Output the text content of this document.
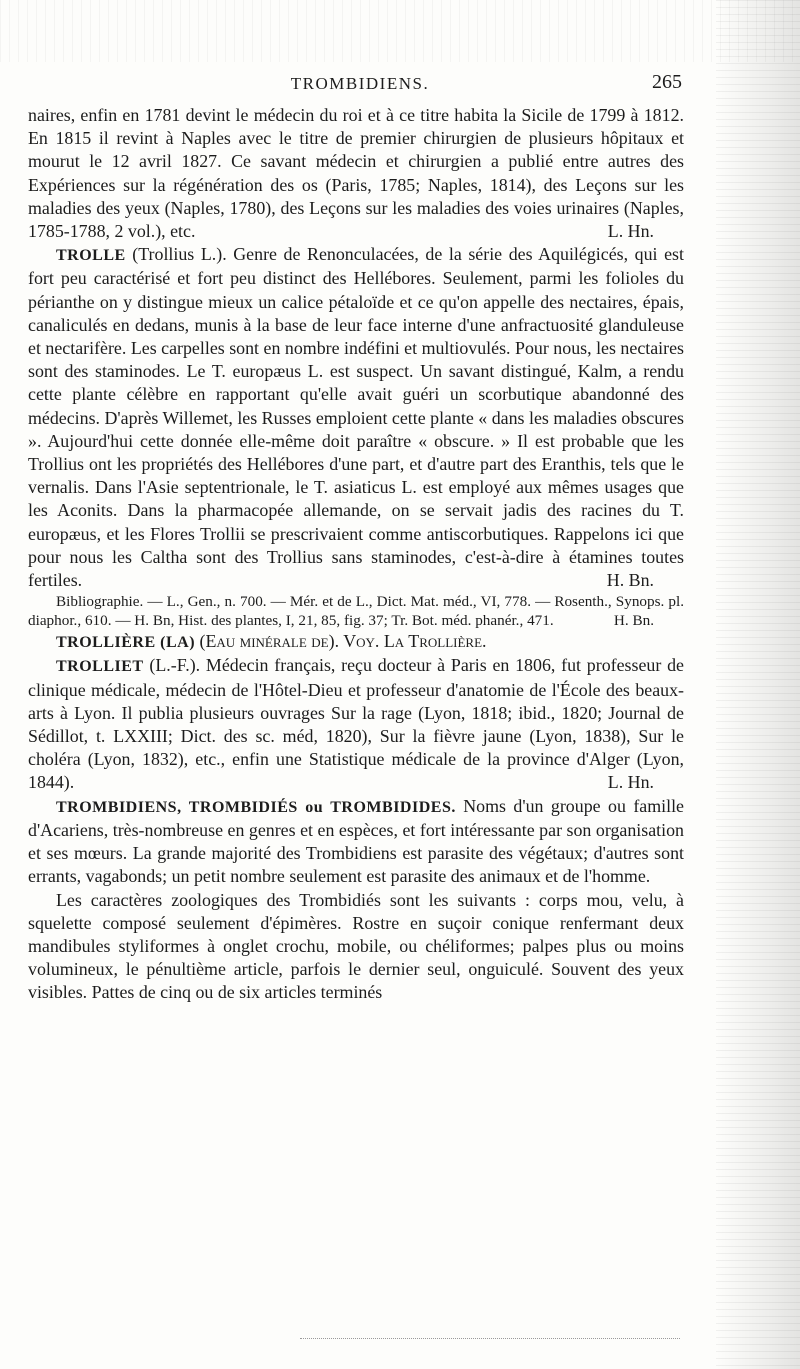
TROMBIDIENS.	265

naires, enfin en 1781 devint le médecin du roi et à ce titre habita la Sicile de 1799 à 1812. En 1815 il revint à Naples avec le titre de premier chirurgien de plusieurs hôpitaux et mourut le 12 avril 1827. Ce savant médecin et chirurgien a publié entre autres des Expériences sur la régénération des os (Paris, 1785; Naples, 1814), des Leçons sur les maladies des yeux (Naples, 1780), des Leçons sur les maladies des voies urinaires (Naples, 1785-1788, 2 vol.), etc.	L. Hn.

TROLLE (Trollius L.). Genre de Renonculacées, de la série des Aquilégicés, qui est fort peu caractérisé et fort peu distinct des Hellébores. Seulement, parmi les folioles du périanthe on y distingue mieux un calice pétaloïde et ce qu'on appelle des nectaires, épais, canaliculés en dedans, munis à la base de leur face interne d'une anfractuosité glanduleuse et nectarifère. Les carpelles sont en nombre indéfini et multiovulés. Pour nous, les nectaires sont des staminodes. Le T. europæus L. est suspect. Un savant distingué, Kalm, a rendu cette plante célèbre en rapportant qu'elle avait guéri un scorbutique abandonné des médecins. D'après Willemet, les Russes emploient cette plante « dans les maladies obscures ». Aujourd'hui cette donnée elle-même doit paraître « obscure. » Il est probable que les Trollius ont les propriétés des Hellébores d'une part, et d'autre part des Eranthis, tels que le vernalis. Dans l'Asie septentrionale, le T. asiaticus L. est employé aux mêmes usages que les Aconits. Dans la pharmacopée allemande, on se servait jadis des racines du T. europæus, et les Flores Trollii se prescrivaient comme antiscorbutiques. Rappelons ici que pour nous les Caltha sont des Trollius sans staminodes, c'est-à-dire à étamines toutes fertiles.	H. Bn.

Bibliographie. — L., Gen., n. 700. — Mér. et de L., Dict. Mat. méd., VI, 778. — Rosenth., Synops. pl. diaphor., 610. — H. Bn, Hist. des plantes, I, 21, 85, fig. 37; Tr. Bot. méd. phanér., 471.	H. Bn.

TROLLIÈRE (LA) (Eau minérale de). Voy. La Trollière.

TROLLIET (L.-F.). Médecin français, reçu docteur à Paris en 1806, fut professeur de clinique médicale, médecin de l'Hôtel-Dieu et professeur d'anatomie de l'École des beaux-arts à Lyon. Il publia plusieurs ouvrages Sur la rage (Lyon, 1818; ibid., 1820; Journal de Sédillot, t. LXXIII; Dict. des sc. méd, 1820), Sur la fièvre jaune (Lyon, 1838), Sur le choléra (Lyon, 1832), etc., enfin une Statistique médicale de la province d'Alger (Lyon, 1844).	L. Hn.

TROMBIDIENS, TROMBIDIÉS ou TROMBIDIDES. Noms d'un groupe ou famille d'Acariens, très-nombreuse en genres et en espèces, et fort intéressante par son organisation et ses mœurs. La grande majorité des Trombidiens est parasite des végétaux; d'autres sont errants, vagabonds; un petit nombre seulement est parasite des animaux et de l'homme.

Les caractères zoologiques des Trombidiés sont les suivants : corps mou, velu, à squelette composé seulement d'épimères. Rostre en suçoir conique renfermant deux mandibules styliformes à onglet crochu, mobile, ou chéliformes; palpes plus ou moins volumineux, le pénultième article, parfois le dernier seul, onguiculé. Souvent des yeux visibles. Pattes de cinq ou de six articles terminés
